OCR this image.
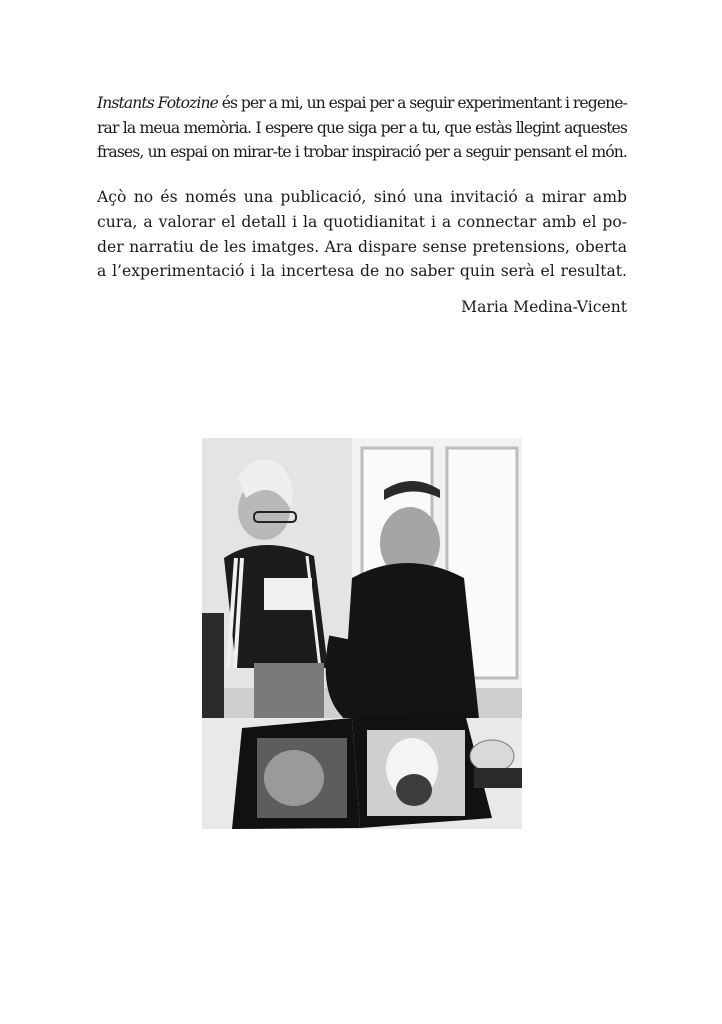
Instants Fotozine és per a mi, un espai per a seguir experimentant i regene-
rar la meua memòria. I espere que siga per a tu, que estàs llegint aquestes
frases, un espai on mirar-te i trobar inspiració per a seguir pensant el món.

Açò no és només una publicació, sinó una invitació a mirar amb
cura, a valorar el detall i la quotidianitat i a connectar amb el po-
der narratiu de les imatges. Ara dispare sense pretensions, oberta
a l’experimentació i la incertesa de no saber quin serà el resultat.

Maria Medina-Vicent
